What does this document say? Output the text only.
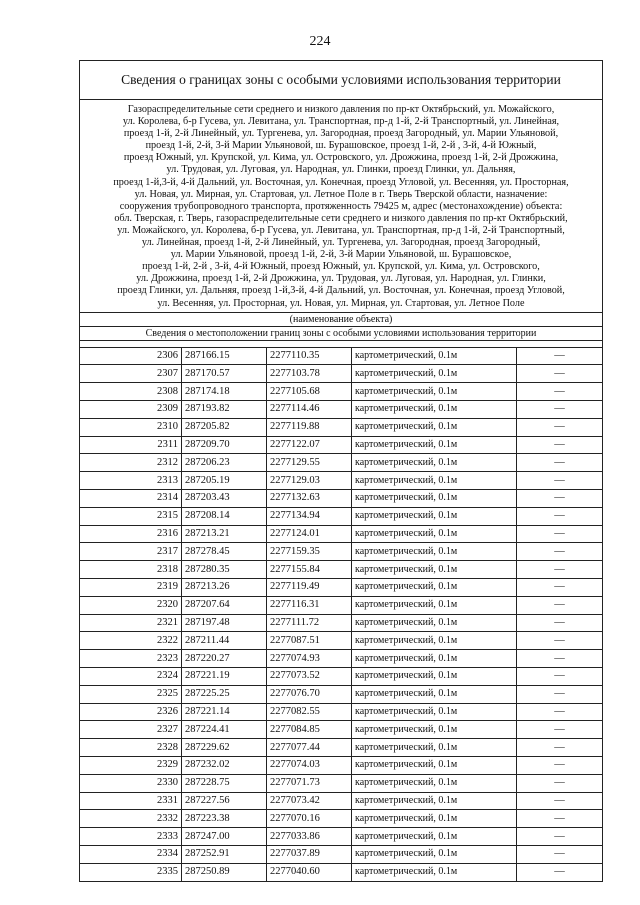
224
Сведения о границах зоны с особыми условиями использования территории
Газораспределительные сети среднего и низкого давления по пр-кт Октябрьский, ул. Можайского,
ул. Королева, б-р Гусева, ул. Левитана, ул. Транспортная, пр-д 1-й, 2-й Транспортный, ул. Линейная,
проезд 1-й, 2-й Линейный, ул. Тургенева, ул. Загородная, проезд Загородный, ул. Марии Ульяновой,
проезд 1-й, 2-й, 3-й Марии Ульяновой, ш. Бурашовское, проезд 1-й, 2-й , 3-й, 4-й Южный,
проезд Южный, ул. Крупской, ул. Кима, ул. Островского, ул. Дрожжина, проезд 1-й, 2-й Дрожжина,
ул. Трудовая, ул. Луговая, ул. Народная, ул. Глинки, проезд Глинки, ул. Дальняя,
проезд 1-й,3-й, 4-й Дальний, ул. Восточная, ул. Конечная, проезд Угловой, ул. Весенняя, ул. Просторная,
ул. Новая, ул. Мирная, ул. Стартовая, ул. Летное Поле в г. Тверь Тверской области, назначение:
сооружения трубопроводного транспорта, протяженность 79425 м, адрес (местонахождение) объекта:
обл. Тверская, г. Тверь, газораспределительные сети среднего и низкого давления по пр-кт Октябрьский,
ул. Можайского, ул. Королева, б-р Гусева, ул. Левитана, ул. Транспортная, пр-д 1-й, 2-й Транспортный,
ул. Линейная, проезд 1-й, 2-й Линейный, ул. Тургенева, ул. Загородная, проезд Загородный,
ул. Марии Ульяновой, проезд 1-й, 2-й, 3-й Марии Ульяновой, ш. Бурашовское,
проезд 1-й, 2-й , 3-й, 4-й Южный, проезд Южный, ул. Крупской, ул. Кима, ул. Островского,
ул. Дрожжина, проезд 1-й, 2-й Дрожжина, ул. Трудовая, ул. Луговая, ул. Народная, ул. Глинки,
проезд Глинки, ул. Дальняя, проезд 1-й,3-й, 4-й Дальний, ул. Восточная, ул. Конечная, проезд Угловой,
ул. Весенняя, ул. Просторная, ул. Новая, ул. Мирная, ул. Стартовая, ул. Летное Поле
(наименование объекта)
Сведения о местоположении границ зоны с особыми условиями использования территории
2306	287166.15	2277110.35	картометрический, 0.1м	—
2307	287170.57	2277103.78	картометрический, 0.1м	—
2308	287174.18	2277105.68	картометрический, 0.1м	—
2309	287193.82	2277114.46	картометрический, 0.1м	—
2310	287205.82	2277119.88	картометрический, 0.1м	—
2311	287209.70	2277122.07	картометрический, 0.1м	—
2312	287206.23	2277129.55	картометрический, 0.1м	—
2313	287205.19	2277129.03	картометрический, 0.1м	—
2314	287203.43	2277132.63	картометрический, 0.1м	—
2315	287208.14	2277134.94	картометрический, 0.1м	—
2316	287213.21	2277124.01	картометрический, 0.1м	—
2317	287278.45	2277159.35	картометрический, 0.1м	—
2318	287280.35	2277155.84	картометрический, 0.1м	—
2319	287213.26	2277119.49	картометрический, 0.1м	—
2320	287207.64	2277116.31	картометрический, 0.1м	—
2321	287197.48	2277111.72	картометрический, 0.1м	—
2322	287211.44	2277087.51	картометрический, 0.1м	—
2323	287220.27	2277074.93	картометрический, 0.1м	—
2324	287221.19	2277073.52	картометрический, 0.1м	—
2325	287225.25	2277076.70	картометрический, 0.1м	—
2326	287221.14	2277082.55	картометрический, 0.1м	—
2327	287224.41	2277084.85	картометрический, 0.1м	—
2328	287229.62	2277077.44	картометрический, 0.1м	—
2329	287232.02	2277074.03	картометрический, 0.1м	—
2330	287228.75	2277071.73	картометрический, 0.1м	—
2331	287227.56	2277073.42	картометрический, 0.1м	—
2332	287223.38	2277070.16	картометрический, 0.1м	—
2333	287247.00	2277033.86	картометрический, 0.1м	—
2334	287252.91	2277037.89	картометрический, 0.1м	—
2335	287250.89	2277040.60	картометрический, 0.1м	—
